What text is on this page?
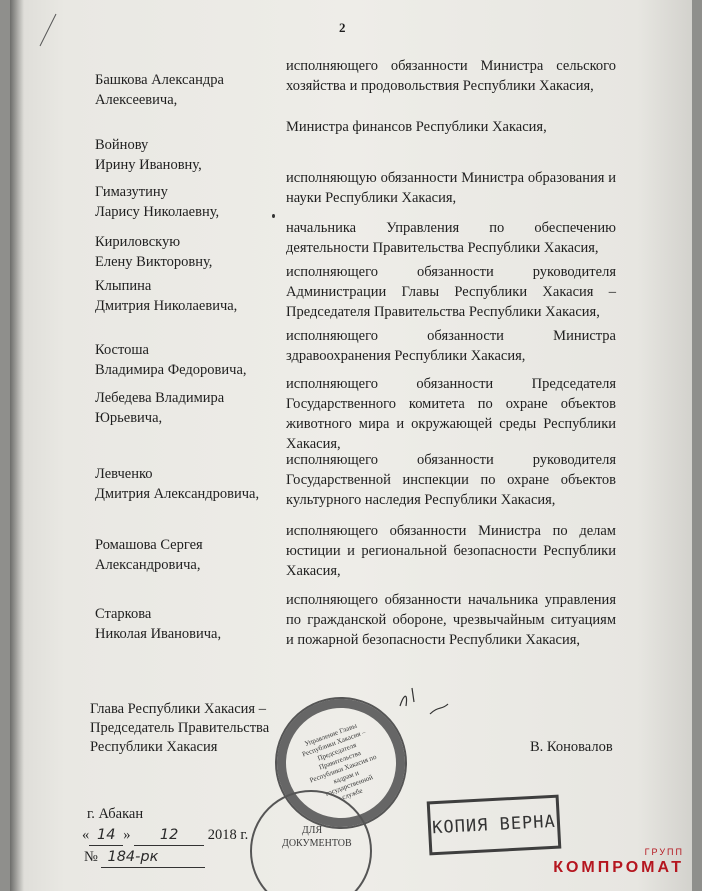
2
Башкова Александра
Алексеевича,
исполняющего обязанности Министра сельского хозяйства и продовольствия Республики Хакасия,
Войнову
Ирину Ивановну,
Министра финансов Республики Хакасия,
Гимазутину
Ларису Николаевну,
исполняющую обязанности Министра образования и науки Республики Хакасия,
Кириловскую
Елену Викторовну,
начальника Управления по обеспечению деятельности Правительства Республики Хакасия,
Клыпина
Дмитрия Николаевича,
исполняющего обязанности руководителя Администрации Главы Республики Хакасия – Председателя Правительства Республики Хакасия,
Костоша
Владимира Федоровича,
исполняющего обязанности Министра здравоохранения Республики Хакасия,
Лебедева Владимира
Юрьевича,
исполняющего обязанности Председателя Государственного комитета по охране объектов животного мира и окружающей среды Республики Хакасия,
Левченко
Дмитрия Александровича,
исполняющего обязанности руководителя Государственной инспекции по охране объектов культурного наследия Республики Хакасия,
Ромашова Сергея
Александровича,
исполняющего обязанности Министра по делам юстиции и региональной безопасности Республики Хакасия,
Старкова
Николая Ивановича,
исполняющего обязанности начальника управления по гражданской обороне, чрезвычайным ситуациям и пожарной безопасности Республики Хакасия,
Глава Республики Хакасия –
Председатель Правительства
Республики Хакасия	В. Коновалов
г. Абакан
« 14 » 12 2018 г.
№ 184-рк
Управление Главы Республики Хакасия – Председателя Правительства Республики Хакасия по кадрам и государственной службе
ДЛЯ ДОКУМЕНТОВ
КОПИЯ ВЕРНА
ГРУПП
КОМПРОМАТ
